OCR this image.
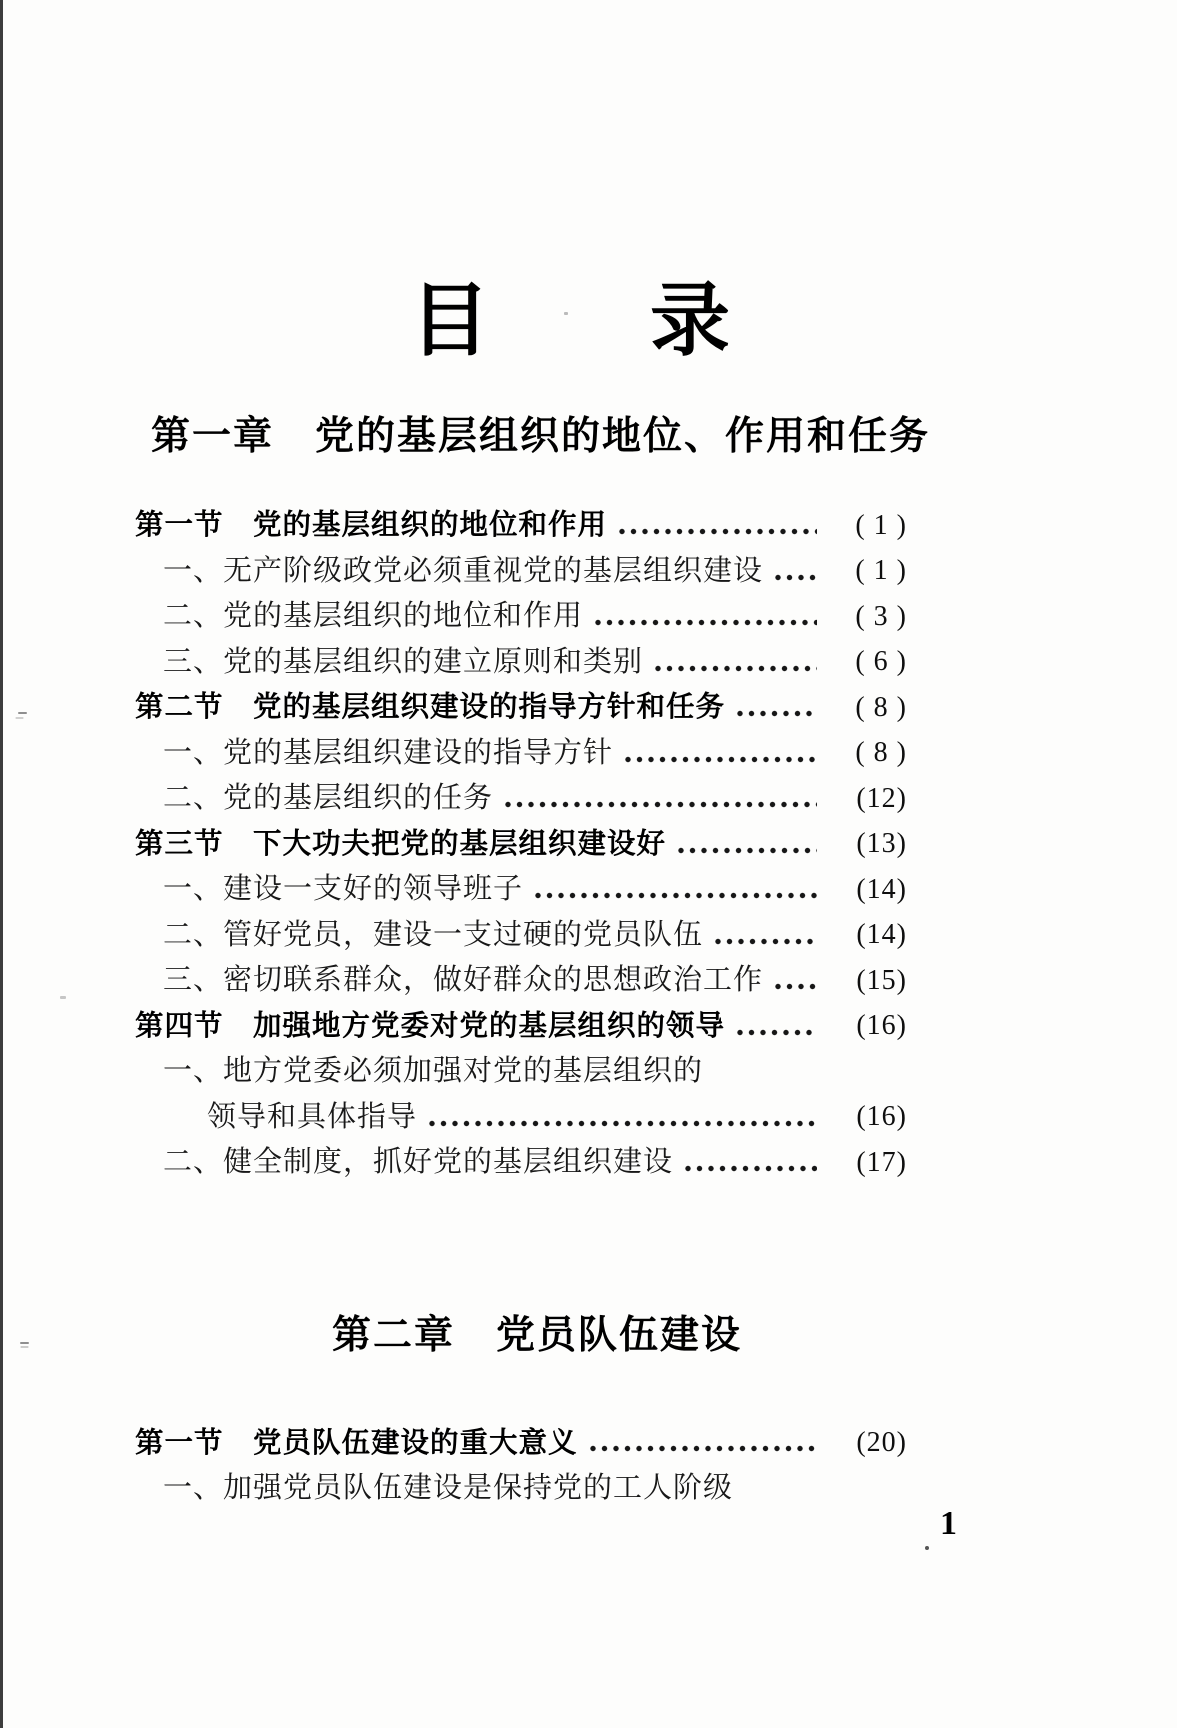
目　　录
第一章　党的基层组织的地位、作用和任务
第一节　党的基层组织的地位和作用	( 1 )
一、无产阶级政党必须重视党的基层组织建设	( 1 )
二、党的基层组织的地位和作用	( 3 )
三、党的基层组织的建立原则和类别	( 6 )
第二节　党的基层组织建设的指导方针和任务	( 8 )
一、党的基层组织建设的指导方针	( 8 )
二、党的基层组织的任务	(12)
第三节　下大功夫把党的基层组织建设好	(13)
一、建设一支好的领导班子	(14)
二、管好党员，建设一支过硬的党员队伍	(14)
三、密切联系群众，做好群众的思想政治工作	(15)
第四节　加强地方党委对党的基层组织的领导	(16)
一、地方党委必须加强对党的基层组织的
领导和具体指导	(16)
二、健全制度，抓好党的基层组织建设	(17)
第二章　党员队伍建设
第一节　党员队伍建设的重大意义	(20)
一、加强党员队伍建设是保持党的工人阶级
1
